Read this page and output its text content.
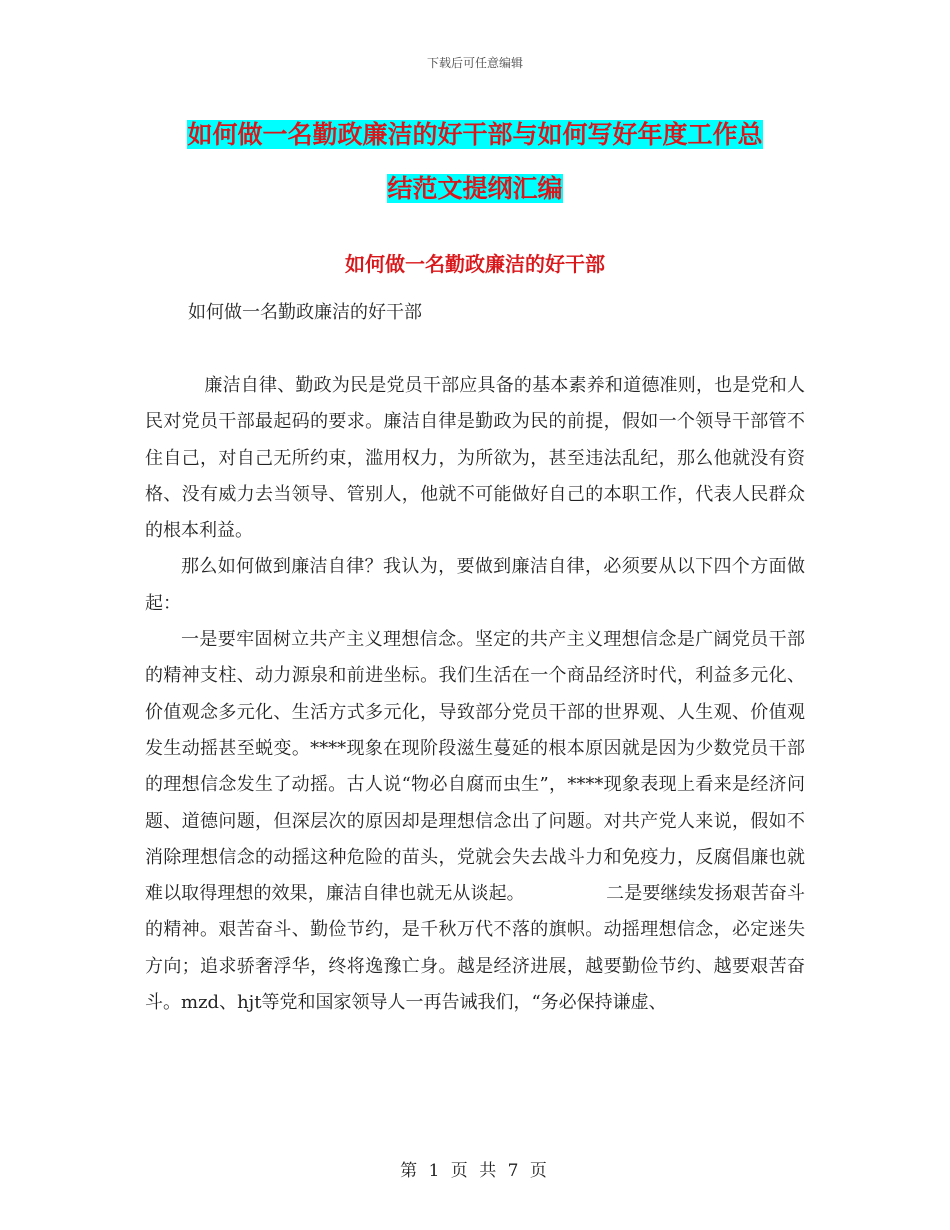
下载后可任意编辑
如何做一名勤政廉洁的好干部与如何写好年度工作总
结范文提纲汇编
如何做一名勤政廉洁的好干部
如何做一名勤政廉洁的好干部

廉洁自律、勤政为民是党员干部应具备的基本素养和道德准则，也是党和人民对党员干部最起码的要求。廉洁自律是勤政为民的前提，假如一个领导干部管不住自己，对自己无所约束，滥用权力，为所欲为，甚至违法乱纪，那么他就没有资格、没有威力去当领导、管别人，他就不可能做好自己的本职工作，代表人民群众的根本利益。

那么如何做到廉洁自律？我认为，要做到廉洁自律，必须要从以下四个方面做起：

一是要牢固树立共产主义理想信念。坚定的共产主义理想信念是广阔党员干部的精神支柱、动力源泉和前进坐标。我们生活在一个商品经济时代，利益多元化、价值观念多元化、生活方式多元化，导致部分党员干部的世界观、人生观、价值观发生动摇甚至蜕变。****现象在现阶段滋生蔓延的根本原因就是因为少数党员干部的理想信念发生了动摇。古人说“物必自腐而虫生”，****现象表现上看来是经济问题、道德问题，但深层次的原因却是理想信念出了问题。对共产党人来说，假如不消除理想信念的动摇这种危险的苗头，党就会失去战斗力和免疫力，反腐倡廉也就难以取得理想的效果，廉洁自律也就无从谈起。　　　　　二是要继续发扬艰苦奋斗的精神。艰苦奋斗、勤俭节约，是千秋万代不落的旗帜。动摇理想信念，必定迷失方向；追求骄奢浮华，终将逸豫亡身。越是经济进展，越要勤俭节约、越要艰苦奋斗。mzd、hjt等党和国家领导人一再告诫我们，“务必保持谦虚、

第 1 页 共 7 页
